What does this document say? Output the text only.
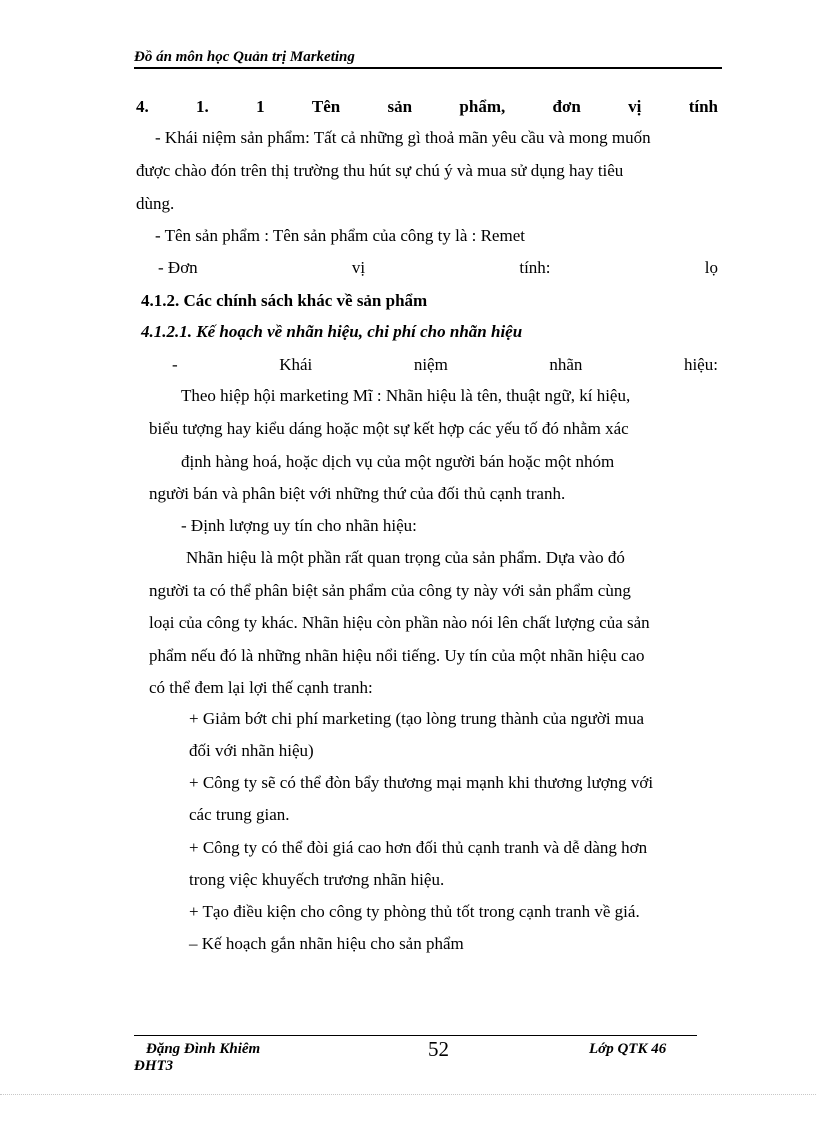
Đồ án môn học Quản trị Marketing
4.	1.	1	Tên	sản	phẩm,	đơn	vị	tính
- Khái niệm sản phẩm: Tất cả những gì thoả mãn yêu cầu và mong muốn
được chào đón trên thị trường thu hút sự chú ý và mua sử dụng hay tiêu
dùng.
- Tên sản phẩm : Tên sản phẩm của công ty là : Remet
- Đơn	vị	tính:	lọ
4.1.2. Các chính sách khác về sản phẩm
4.1.2.1. Kế hoạch về nhãn hiệu, chi phí cho nhãn hiệu
-	Khái	niệm	nhãn	hiệu:
Theo hiệp hội marketing Mĩ : Nhãn hiệu là tên, thuật ngữ, kí hiệu,
biểu tượng hay kiểu dáng hoặc một sự kết hợp các yếu tố đó nhằm xác
định hàng hoá, hoặc dịch vụ của một người bán hoặc một nhóm
người bán và phân biệt với những thứ của đối thủ cạnh tranh.
- Định lượng uy tín cho nhãn hiệu:
Nhãn hiệu là một phần rất quan trọng của sản phẩm. Dựa vào đó
người ta có thể phân biệt sản phẩm của công ty này với sản phẩm cùng
loại của công ty khác. Nhãn hiệu còn phần nào nói lên chất lượng của sản
phẩm nếu đó là những nhãn hiệu nổi tiếng. Uy tín của một nhãn hiệu cao
có thể đem lại lợi thế cạnh tranh:
+ Giảm bớt chi phí marketing (tạo lòng trung thành của người mua
đối với nhãn hiệu)
+ Công ty sẽ có thể đòn bẩy thương mại mạnh khi thương lượng với
các trung gian.
+ Công ty có thể đòi giá cao hơn đối thủ cạnh tranh và dễ dàng hơn
trong việc khuyếch trương nhãn hiệu.
+ Tạo điều kiện cho công ty phòng thủ tốt trong cạnh tranh về giá.
– Kế hoạch gắn nhãn hiệu cho sản phẩm
Đặng Đình Khiêm	52	Lớp QTK 46
ĐHT3
